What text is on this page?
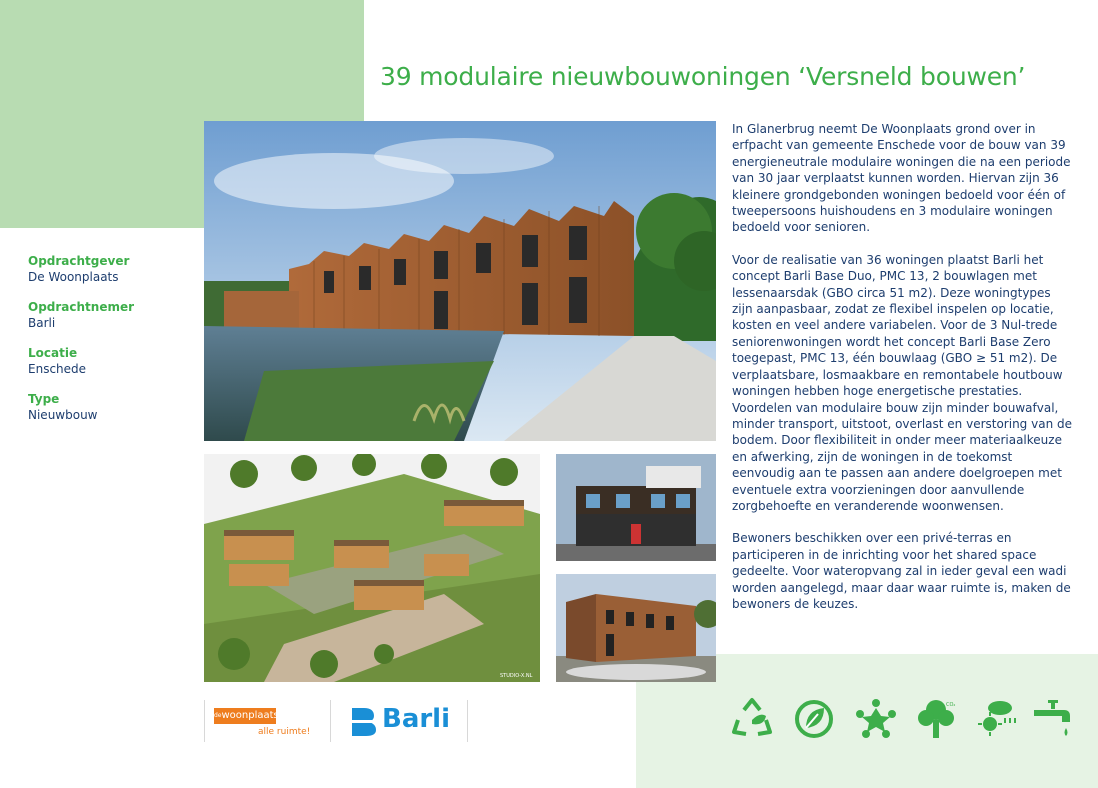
39 modulaire nieuwbouwoningen ‘Versneld bouwen’
Opdrachtgever
De Woonplaats
Opdrachtnemer
Barli
Locatie
Enschede
Type
Nieuwbouw
STUDIO-X.NL

In Glanerbrug neemt De Woonplaats grond over in erfpacht van gemeente Enschede voor de bouw van 39 energieneutrale modulaire woningen die na een periode van 30 jaar verplaatst kunnen worden. Hiervan zijn 36 kleinere grondgebonden woningen bedoeld voor één of tweepersoons huishoudens en 3 modulaire woningen bedoeld voor senioren.

Voor de realisatie van 36 woningen plaatst Barli het concept Barli Base Duo, PMC 13, 2 bouwlagen met lessenaarsdak (GBO circa 51 m2). Deze woningtypes zijn aanpasbaar, zodat ze flexibel inspelen op locatie, kosten en veel andere variabelen. Voor de 3 Nul-trede seniorenwoningen wordt het concept Barli Base Zero toegepast, PMC 13, één bouwlaag (GBO ≥ 51 m2). De verplaatsbare, losmaakbare en remontabele houtbouw woningen hebben hoge energetische prestaties. Voordelen van modulaire bouw zijn minder bouwafval, minder transport, uitstoot, overlast en verstoring van de bodem. Door flexibiliteit in onder meer materiaalkeuze en afwerking, zijn de woningen in de toekomst eenvoudig aan te passen aan andere doelgroepen met eventuele extra voorzieningen door aanvullende zorgbehoefte en veranderende woonwensen.

Bewoners beschikken over een privé-terras en participeren in de inrichting voor het shared space gedeelte. Voor wateropvang zal in ieder geval een wadi worden aangelegd, maar daar waar ruimte is, maken de bewoners de keuzes.

$^{de}$woonplaats
alle ruimte!	Barli	CO₂
